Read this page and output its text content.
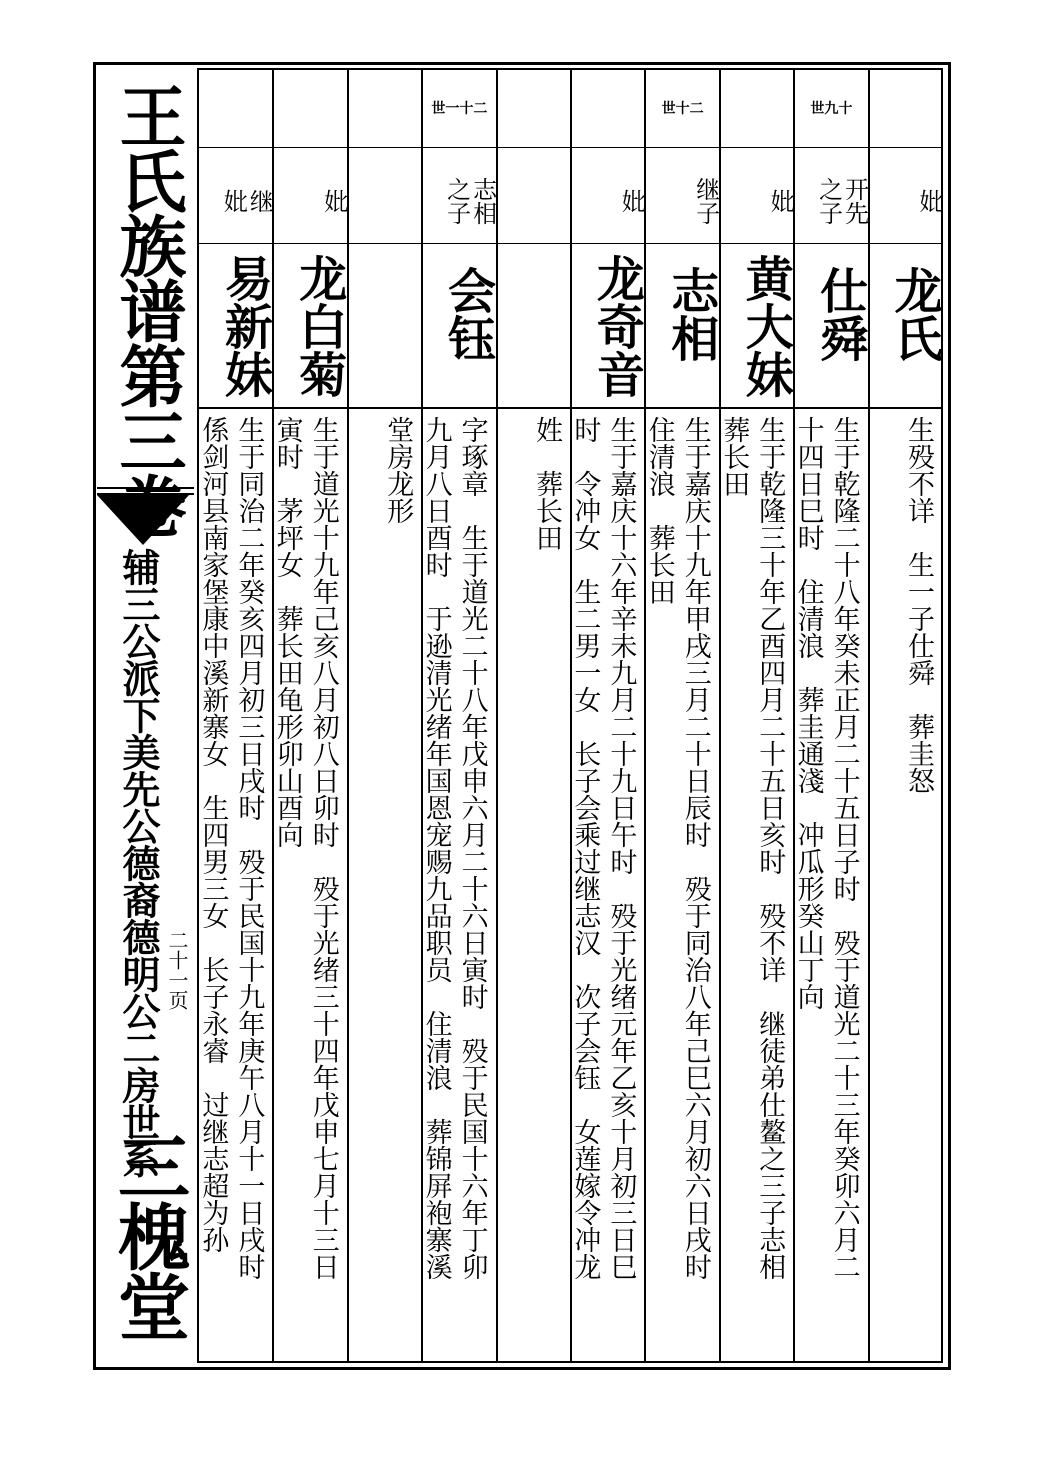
王氏族谱第三卷
辅三公派下美先公德裔德明公二房世系 二十一页
三槐堂
妣
龙氏
生殁不详　生一子仕舜　葬圭怒
世九十
开先
之子
仕舜
生于乾隆二十八年癸未正月二十五日子时　殁于道光二十三年癸卯六月二
十四日巳时　住清浪　葬圭通淺　冲瓜形癸山丁向
妣
黄大妹
生于乾隆三十年乙酉四月二十五日亥时　殁不详　继徒弟仕鳌之三子志相
葬长田
世十二
继子
志相
生于嘉庆十九年甲戌三月二十日辰时　殁于同治八年己巳六月初六日戌时
住清浪　葬长田
妣
龙奇音
生于嘉庆十六年辛未九月二十九日午时　殁于光绪元年乙亥十月初三日巳
时　令冲女　生二男一女　长子会乘过继志汉　次子会钰　女莲嫁令冲龙
姓　葬长田
世一十二
志相
之子
会钰
字琢章　生于道光二十八年戊申六月二十六日寅时　殁于民国十六年丁卯
九月八日酉时　于逊清光绪年国恩宠赐九品职员　住清浪　葬锦屏袍寨溪
堂房龙形
妣
龙白菊
生于道光十九年己亥八月初八日卯时　殁于光绪三十四年戊申七月十三日
寅时　茅坪女　葬长田龟形卯山酉向
继
妣
易新妹
生于同治二年癸亥四月初三日戌时　殁于民国十九年庚午八月十一日戌时
係剑河县南家堡康中溪新寨女　生四男三女　长子永睿　过继志超为孙
